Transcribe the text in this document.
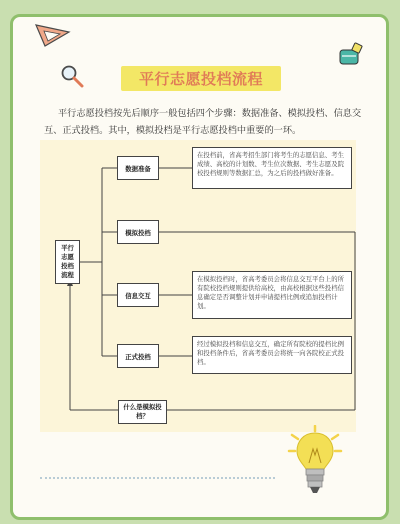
平行志愿投档流程
平行志愿投档按先后顺序一般包括四个步骤：数据准备、模拟投档、信息交互、正式投档。其中，模拟投档是平行志愿投档中重要的一环。
平行志愿投档流程
数据准备
在投档前，省高考招生部门将考生的志愿信息、考生成绩、高校的计划数、考生位次数据、考生志愿及院校投档规则等数据汇总，为之后的投档做好准备。
模拟投档
信息交互
在模拟投档时，省高考委员会将信息交互平台上的所有院校投档规则提供给高校，由高校根据这些投档信息确定是否调整计划并申请提档比例或追加投档计划。
正式投档
经过模拟投档和信息交互，确定所有院校的提档比例和投档条件后，省高考委员会将统一向各院校正式投档。
什么是模拟投档？
